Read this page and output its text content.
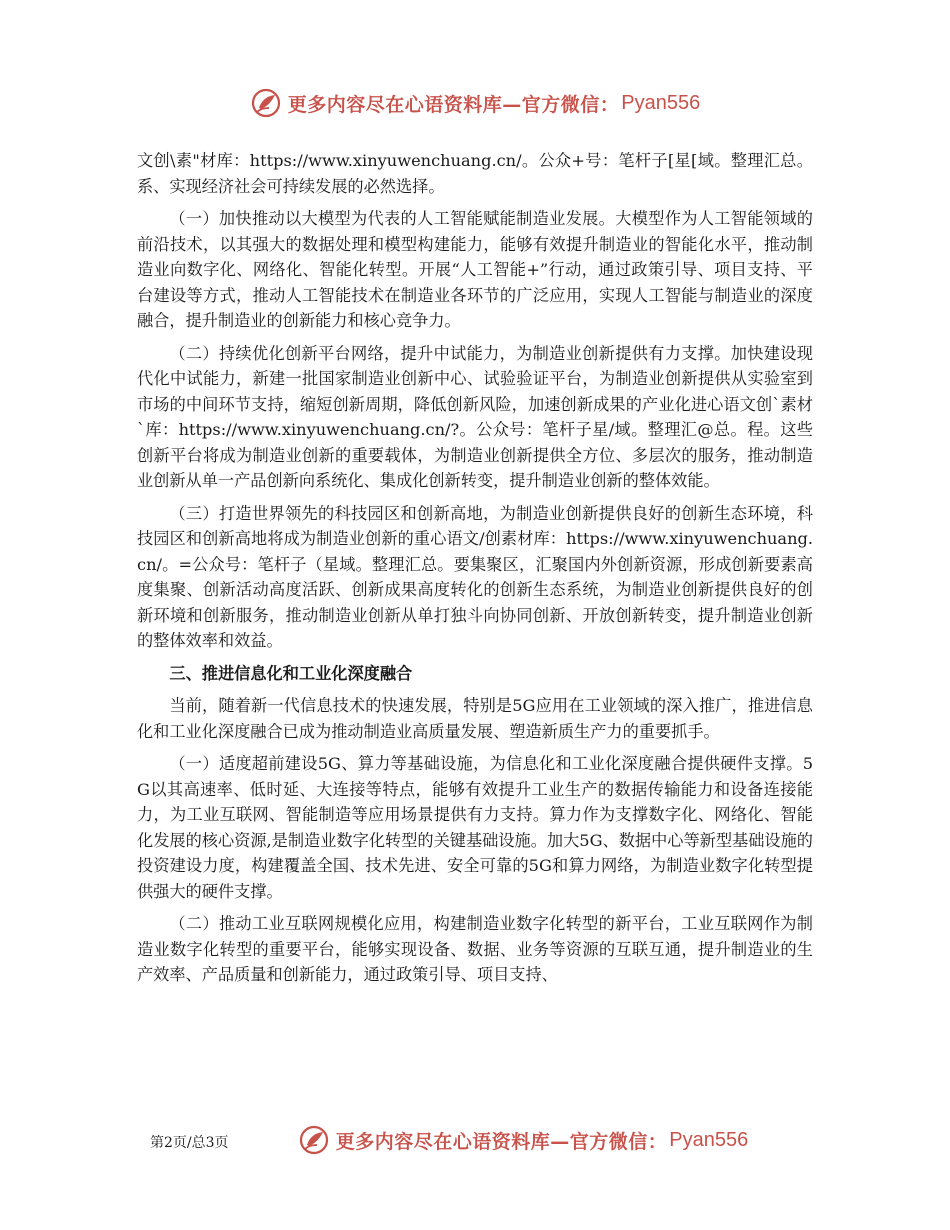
更多内容尽在心语资料库—官方微信： Pyan556

文创\素"材库：https://www.xinyuwenchuang.cn/。公众+号：笔杆子[星[域。整理汇总。系、实现经济社会可持续发展的必然选择。

（一）加快推动以大模型为代表的人工智能赋能制造业发展。大模型作为人工智能领域的前沿技术，以其强大的数据处理和模型构建能力，能够有效提升制造业的智能化水平，推动制造业向数字化、网络化、智能化转型。开展“人工智能+”行动，通过政策引导、项目支持、平台建设等方式，推动人工智能技术在制造业各环节的广泛应用，实现人工智能与制造业的深度融合，提升制造业的创新能力和核心竞争力。

（二）持续优化创新平台网络，提升中试能力，为制造业创新提供有力支撑。加快建设现代化中试能力，新建一批国家制造业创新中心、试验验证平台，为制造业创新提供从实验室到市场的中间环节支持，缩短创新周期，降低创新风险，加速创新成果的产业化进心语文创`素材`库：https://www.xinyuwenchuang.cn/?。公众号：笔杆子星/域。整理汇@总。程。这些创新平台将成为制造业创新的重要载体，为制造业创新提供全方位、多层次的服务，推动制造业创新从单一产品创新向系统化、集成化创新转变，提升制造业创新的整体效能。

（三）打造世界领先的科技园区和创新高地，为制造业创新提供良好的创新生态环境，科技园区和创新高地将成为制造业创新的重心语文/创素材库：https://www.xinyuwenchuang.cn/。=公众号：笔杆子（星域。整理汇总。要集聚区，汇聚国内外创新资源，形成创新要素高度集聚、创新活动高度活跃、创新成果高度转化的创新生态系统，为制造业创新提供良好的创新环境和创新服务，推动制造业创新从单打独斗向协同创新、开放创新转变，提升制造业创新的整体效率和效益。

三、推进信息化和工业化深度融合

当前，随着新一代信息技术的快速发展，特别是5G应用在工业领域的深入推广，推进信息化和工业化深度融合已成为推动制造业高质量发展、塑造新质生产力的重要抓手。

（一）适度超前建设5G、算力等基础设施，为信息化和工业化深度融合提供硬件支撑。5G以其高速率、低时延、大连接等特点，能够有效提升工业生产的数据传输能力和设备连接能力，为工业互联网、智能制造等应用场景提供有力支持。算力作为支撑数字化、网络化、智能化发展的核心资源,是制造业数字化转型的关键基础设施。加大5G、数据中心等新型基础设施的投资建设力度，构建覆盖全国、技术先进、安全可靠的5G和算力网络，为制造业数字化转型提供强大的硬件支撑。

（二）推动工业互联网规模化应用，构建制造业数字化转型的新平台，工业互联网作为制造业数字化转型的重要平台，能够实现设备、数据、业务等资源的互联互通，提升制造业的生产效率、产品质量和创新能力，通过政策引导、项目支持、

更多内容尽在心语资料库—官方微信： Pyan556
第2页/总3页
